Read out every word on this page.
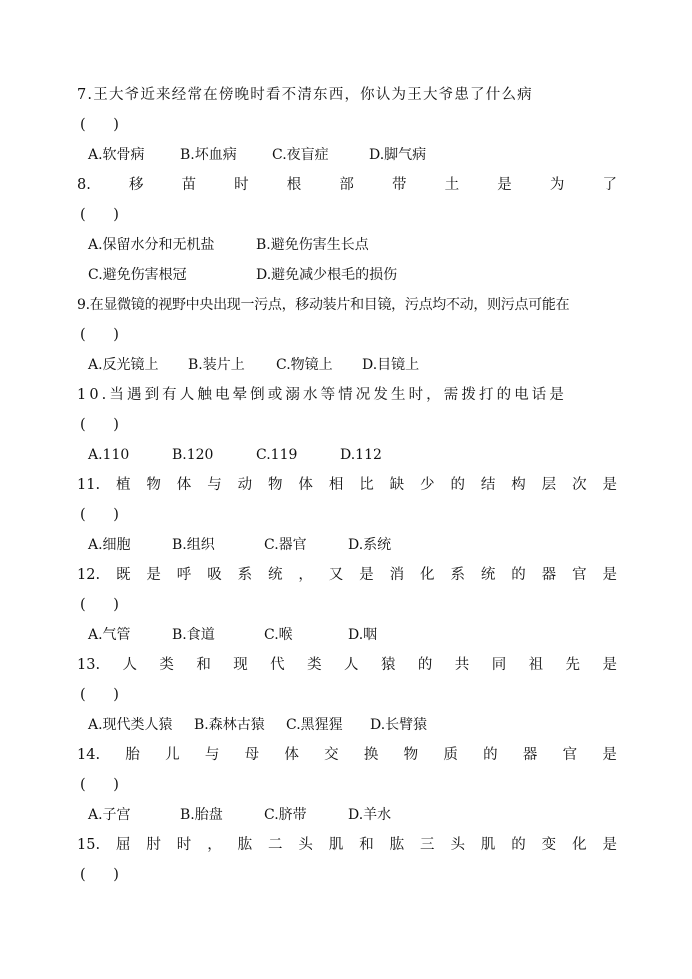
7.王大爷近来经常在傍晚时看不清东西，你认为王大爷患了什么病
(      )
A.软骨病	B.坏血病	C.夜盲症	D.脚气病
8.	移	苗	时	根	部	带	土	是	为	了
(      )
A.保留水分和无机盐	B.避免伤害生长点
C.避免伤害根冠	D.避免减少根毛的损伤
9.在显微镜的视野中央出现一污点，移动装片和目镜，污点均不动，则污点可能在
(      )
A.反光镜上 B.装片上 C.物镜上 D.目镜上
10.当遇到有人触电晕倒或溺水等情况发生时，需拨打的电话是
(      )
A.110	B.120	C.119	D.112
11. 植 物 体 与 动 物 体 相 比 缺 少 的 结 构 层 次 是
(      )
A.细胞	B.组织	C.器官	D.系统
12. 既 是 呼 吸 系 统 ， 又 是 消 化 系 统 的 器 官 是
(      )
A.气管	B.食道	C.喉	D.咽
13. 人 类 和 现 代 类 人 猿 的 共 同 祖 先 是
(      )
A.现代类人猿 B.森林古猿 C.黑猩猩 D.长臂猿
14. 胎 儿 与 母 体 交 换 物 质 的 器 官 是
(      )
A.子宫	B.胎盘	C.脐带	D.羊水
15. 屈 肘 时 ， 肱 二 头 肌 和 肱 三 头 肌 的 变 化 是
(      )
